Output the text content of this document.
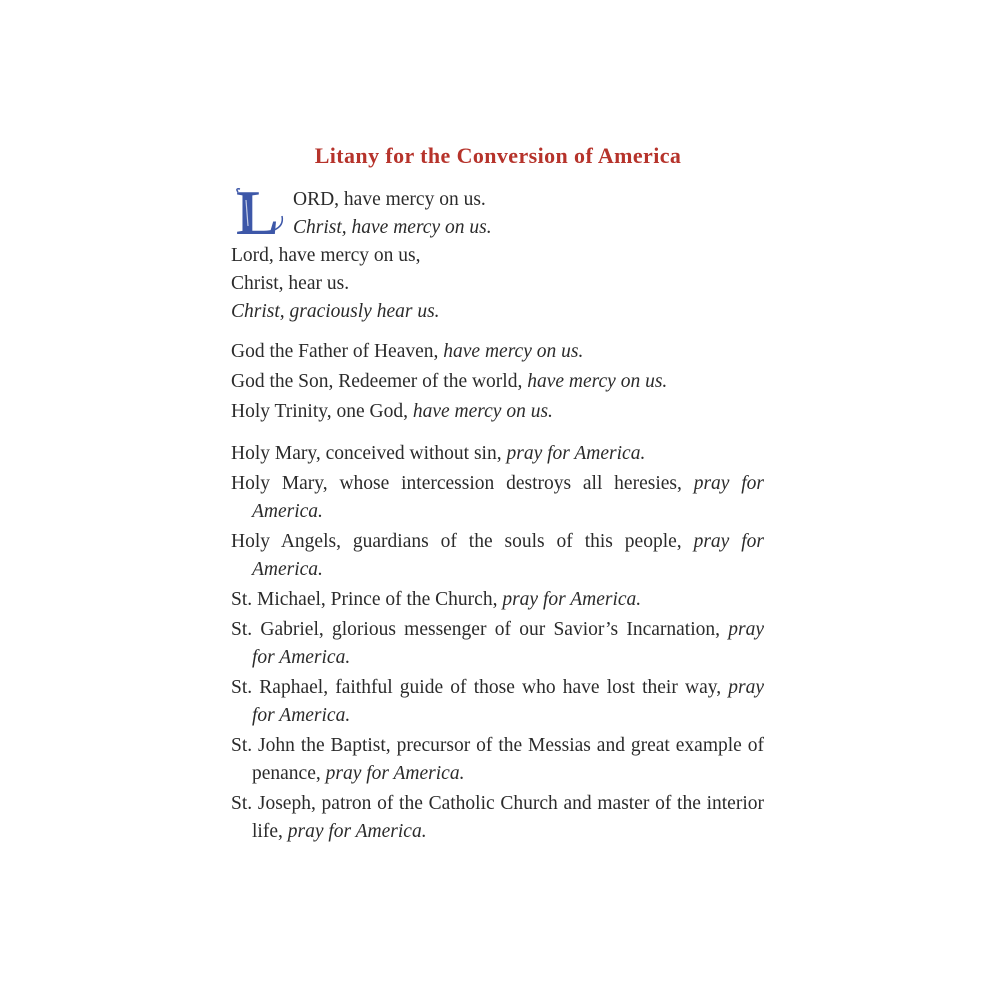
Litany for the Conversion of America
L ORD, have mercy on us.
Christ, have mercy on us.
Lord, have mercy on us,
Christ, hear us.
Christ, graciously hear us.
God the Father of Heaven, have mercy on us.
God the Son, Redeemer of the world, have mercy on us.
Holy Trinity, one God, have mercy on us.
Holy Mary, conceived without sin, pray for America.
Holy Mary, whose intercession destroys all heresies, pray for America.
Holy Angels, guardians of the souls of this people, pray for America.
St. Michael, Prince of the Church, pray for America.
St. Gabriel, glorious messenger of our Savior’s Incarnation, pray for America.
St. Raphael, faithful guide of those who have lost their way, pray for America.
St. John the Baptist, precursor of the Messias and great example of penance, pray for America.
St. Joseph, patron of the Catholic Church and master of the interior life, pray for America.
